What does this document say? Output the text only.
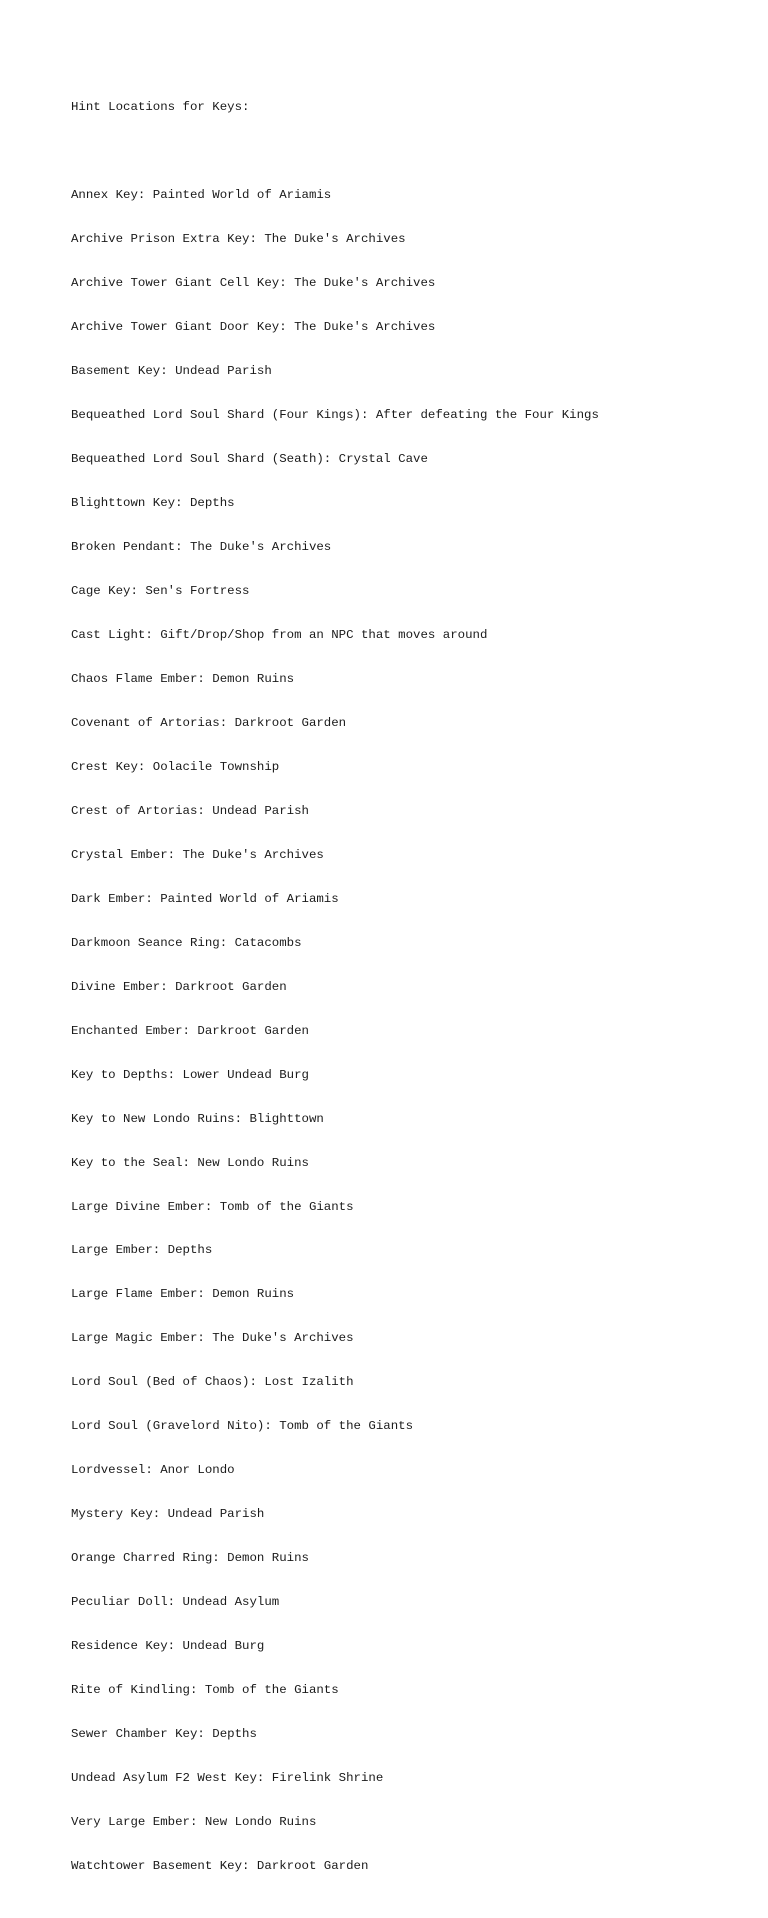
Hint Locations for Keys:

Annex Key: Painted World of Ariamis

Archive Prison Extra Key: The Duke's Archives

Archive Tower Giant Cell Key: The Duke's Archives

Archive Tower Giant Door Key: The Duke's Archives

Basement Key: Undead Parish

Bequeathed Lord Soul Shard (Four Kings): After defeating the Four Kings

Bequeathed Lord Soul Shard (Seath): Crystal Cave

Blighttown Key: Depths

Broken Pendant: The Duke's Archives

Cage Key: Sen's Fortress

Cast Light: Gift/Drop/Shop from an NPC that moves around

Chaos Flame Ember: Demon Ruins

Covenant of Artorias: Darkroot Garden

Crest Key: Oolacile Township

Crest of Artorias: Undead Parish

Crystal Ember: The Duke's Archives

Dark Ember: Painted World of Ariamis

Darkmoon Seance Ring: Catacombs

Divine Ember: Darkroot Garden

Enchanted Ember: Darkroot Garden

Key to Depths: Lower Undead Burg

Key to New Londo Ruins: Blighttown

Key to the Seal: New Londo Ruins

Large Divine Ember: Tomb of the Giants

Large Ember: Depths

Large Flame Ember: Demon Ruins

Large Magic Ember: The Duke's Archives

Lord Soul (Bed of Chaos): Lost Izalith

Lord Soul (Gravelord Nito): Tomb of the Giants

Lordvessel: Anor Londo

Mystery Key: Undead Parish

Orange Charred Ring: Demon Ruins

Peculiar Doll: Undead Asylum

Residence Key: Undead Burg

Rite of Kindling: Tomb of the Giants

Sewer Chamber Key: Depths

Undead Asylum F2 West Key: Firelink Shrine

Very Large Ember: New Londo Ruins

Watchtower Basement Key: Darkroot Garden
